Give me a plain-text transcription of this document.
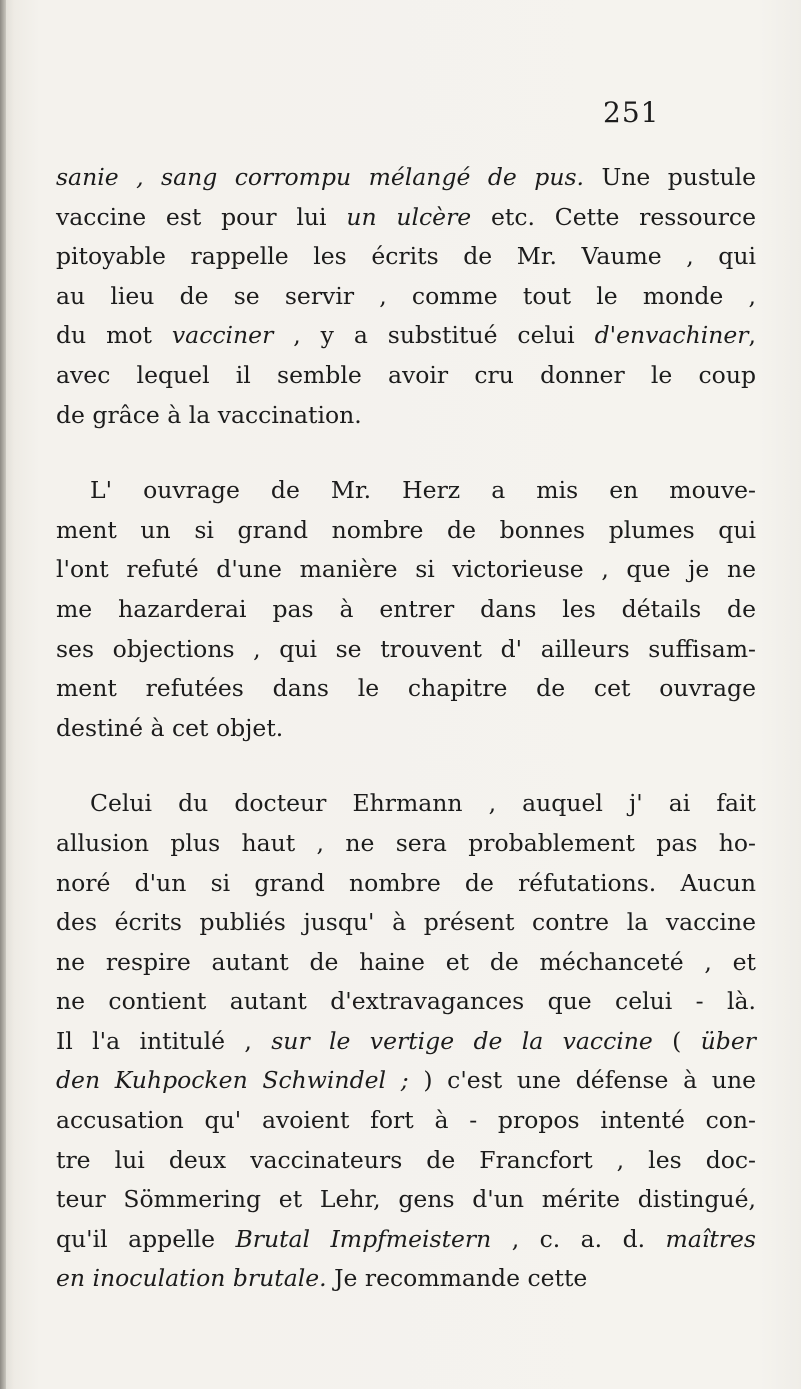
251
sanie , sang corrompu mélangé de pus. Une pustule
vaccine est pour lui un ulcère etc. Cette ressource
pitoyable rappelle les écrits de Mr. Vaume , qui
au lieu de se servir , comme tout le monde ,
du mot vacciner , y a substitué celui d'envachiner,
avec lequel il semble avoir cru donner le coup
de grâce à la vaccination.
L' ouvrage de Mr. Herz a mis en mouve-
ment un si grand nombre de bonnes plumes qui
l'ont refuté d'une manière si victorieuse , que je ne
me hazarderai pas à entrer dans les détails de
ses objections , qui se trouvent d' ailleurs suffisam-
ment refutées dans le chapitre de cet ouvrage
destiné à cet objet.
Celui du docteur Ehrmann , auquel j' ai fait
allusion plus haut , ne sera probablement pas ho-
noré d'un si grand nombre de réfutations. Aucun
des écrits publiés jusqu' à présent contre la vaccine
ne respire autant de haine et de méchanceté , et
ne contient autant d'extravagances que celui - là.
Il l'a intitulé , sur le vertige de la vaccine ( über
den Kuhpocken Schwindel ; ) c'est une défense à une
accusation qu' avoient fort à - propos intenté con-
tre lui deux vaccinateurs de Francfort , les doc-
teur Sömmering et Lehr, gens d'un mérite distingué,
qu'il appelle Brutal Impfmeistern , c. a. d. maîtres
en inoculation brutale. Je recommande cette
